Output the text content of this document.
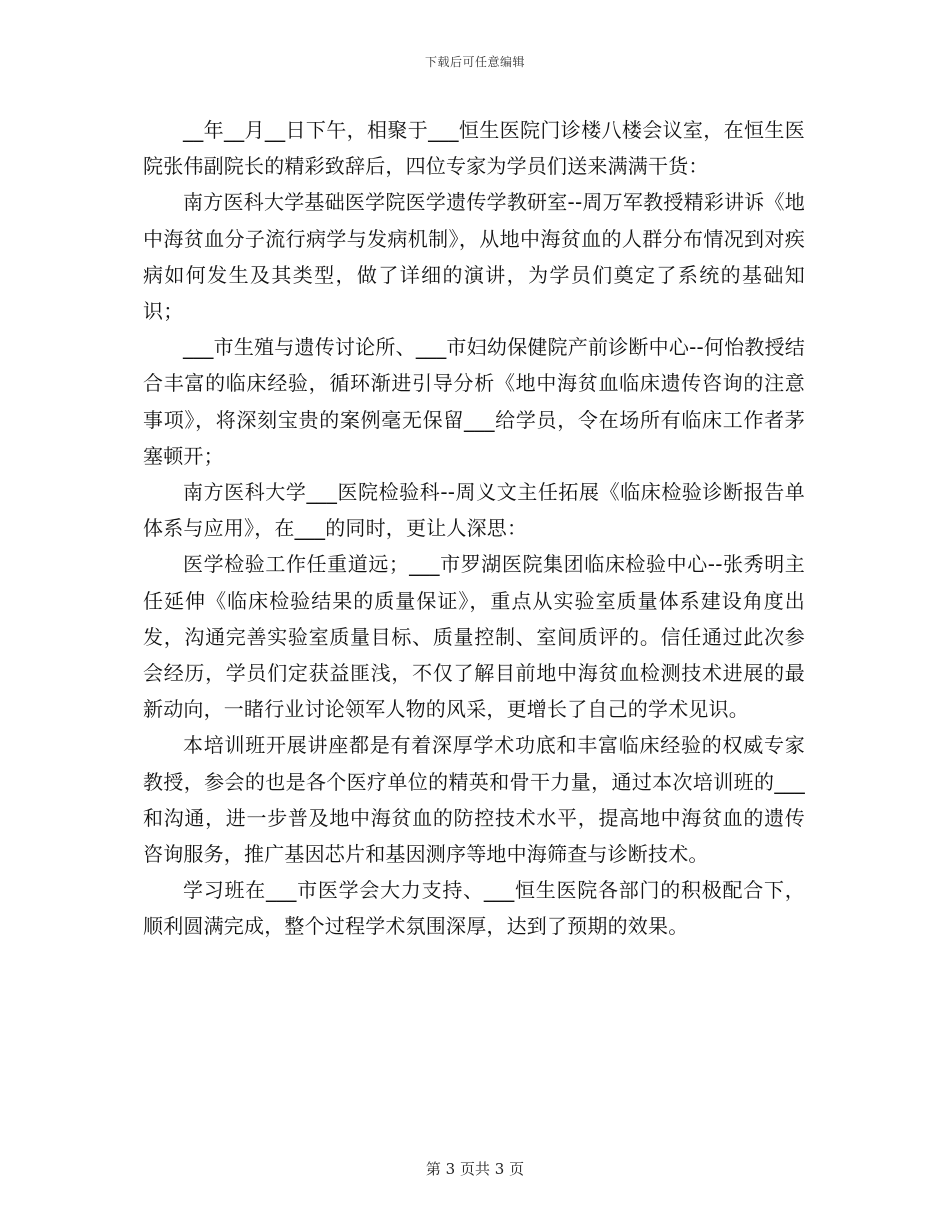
下载后可任意编辑

__年__月__日下午，相聚于___恒生医院门诊楼八楼会议室，在恒生医院张伟副院长的精彩致辞后，四位专家为学员们送来满满干货：

南方医科大学基础医学院医学遗传学教研室--周万军教授精彩讲诉《地中海贫血分子流行病学与发病机制》，从地中海贫血的人群分布情况到对疾病如何发生及其类型，做了详细的演讲，为学员们奠定了系统的基础知识；

___市生殖与遗传讨论所、___市妇幼保健院产前诊断中心--何怡教授结合丰富的临床经验，循环渐进引导分析《地中海贫血临床遗传咨询的注意事项》，将深刻宝贵的案例毫无保留___给学员，令在场所有临床工作者茅塞顿开；

南方医科大学___医院检验科--周义文主任拓展《临床检验诊断报告单体系与应用》，在___的同时，更让人深思：

医学检验工作任重道远；___市罗湖医院集团临床检验中心--张秀明主任延伸《临床检验结果的质量保证》，重点从实验室质量体系建设角度出发，沟通完善实验室质量目标、质量控制、室间质评的。信任通过此次参会经历，学员们定获益匪浅，不仅了解目前地中海贫血检测技术进展的最新动向，一睹行业讨论领军人物的风采，更增长了自己的学术见识。

本培训班开展讲座都是有着深厚学术功底和丰富临床经验的权威专家教授，参会的也是各个医疗单位的精英和骨干力量，通过本次培训班的___和沟通，进一步普及地中海贫血的防控技术水平，提高地中海贫血的遗传咨询服务，推广基因芯片和基因测序等地中海筛查与诊断技术。

学习班在___市医学会大力支持、___恒生医院各部门的积极配合下，顺利圆满完成，整个过程学术氛围深厚，达到了预期的效果。

第 3 页共 3 页
